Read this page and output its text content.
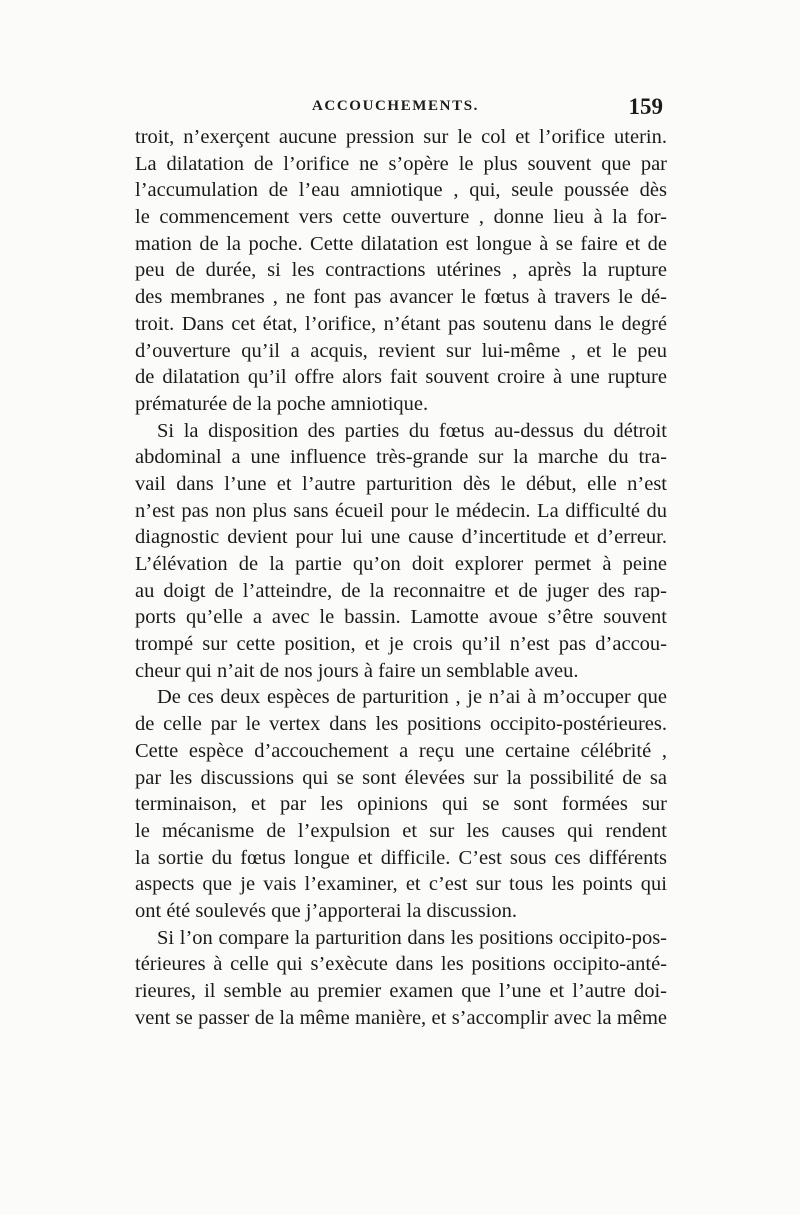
ACCOUCHEMENTS.	159
troit, n’exerçent aucune pression sur le col et l’orifice uterin.
La dilatation de l’orifice ne s’opère le plus souvent que par
l’accumulation de l’eau amniotique , qui, seule poussée dès
le commencement vers cette ouverture , donne lieu à la for-
mation de la poche. Cette dilatation est longue à se faire et de
peu de durée, si les contractions utérines , après la rupture
des membranes , ne font pas avancer le fœtus à travers le dé-
troit. Dans cet état, l’orifice, n’étant pas soutenu dans le degré
d’ouverture qu’il a acquis, revient sur lui-même , et le peu
de dilatation qu’il offre alors fait souvent croire à une rupture
prématurée de la poche amniotique.
Si la disposition des parties du fœtus au-dessus du détroit
abdominal a une influence très-grande sur la marche du tra-
vail dans l’une et l’autre parturition dès le début, elle n’est
n’est pas non plus sans écueil pour le médecin. La difficulté du
diagnostic devient pour lui une cause d’incertitude et d’erreur.
L’élévation de la partie qu’on doit explorer permet à peine
au doigt de l’atteindre, de la reconnaitre et de juger des rap-
ports qu’elle a avec le bassin. Lamotte avoue s’être souvent
trompé sur cette position, et je crois qu’il n’est pas d’accou-
cheur qui n’ait de nos jours à faire un semblable aveu.
De ces deux espèces de parturition , je n’ai à m’occuper que
de celle par le vertex dans les positions occipito-postérieures.
Cette espèce d’accouchement a reçu une certaine célébrité ,
par les discussions qui se sont élevées sur la possibilité de sa
terminaison, et par les opinions qui se sont formées sur
le mécanisme de l’expulsion et sur les causes qui rendent
la sortie du fœtus longue et difficile. C’est sous ces différents
aspects que je vais l’examiner, et c’est sur tous les points qui
ont été soulevés que j’apporterai la discussion.
Si l’on compare la parturition dans les positions occipito-pos-
térieures à celle qui s’exècute dans les positions occipito-anté-
rieures, il semble au premier examen que l’une et l’autre doi-
vent se passer de la même manière, et s’accomplir avec la même
